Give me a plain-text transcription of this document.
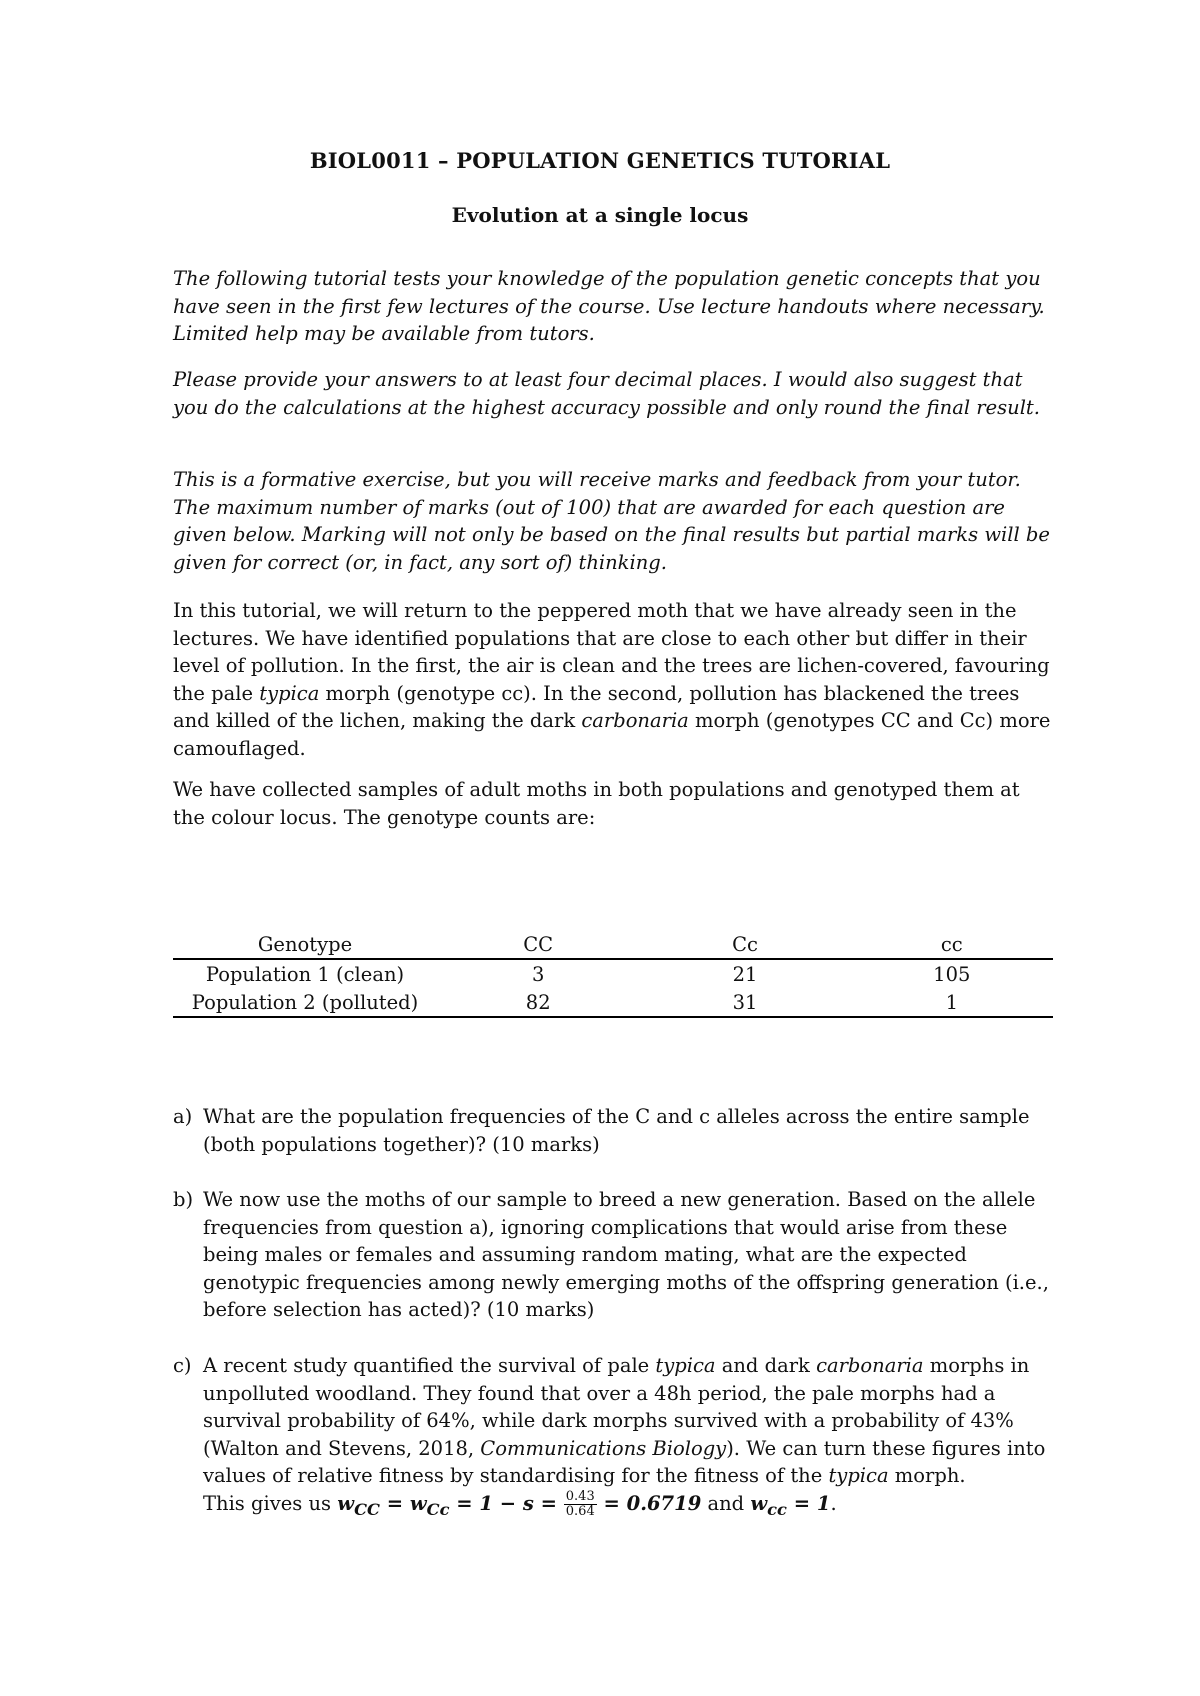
BIOL0011 – POPULATION GENETICS TUTORIAL
Evolution at a single locus

The following tutorial tests your knowledge of the population genetic concepts that you have seen in the first few lectures of the course. Use lecture handouts where necessary. Limited help may be available from tutors.

Please provide your answers to at least four decimal places. I would also suggest that you do the calculations at the highest accuracy possible and only round the final result.

This is a formative exercise, but you will receive marks and feedback from your tutor. The maximum number of marks (out of 100) that are awarded for each question are given below. Marking will not only be based on the final results but partial marks will be given for correct (or, in fact, any sort of) thinking.

In this tutorial, we will return to the peppered moth that we have already seen in the lectures. We have identified populations that are close to each other but differ in their level of pollution. In the first, the air is clean and the trees are lichen-covered, favouring the pale typica morph (genotype cc). In the second, pollution has blackened the trees and killed of the lichen, making the dark carbonaria morph (genotypes CC and Cc) more camouflaged.

We have collected samples of adult moths in both populations and genotyped them at the colour locus. The genotype counts are:

Genotype	CC	Cc	cc
Population 1 (clean)	3	21	105
Population 2 (polluted)	82	31	1
a) What are the population frequencies of the C and c alleles across the entire sample (both populations together)? (10 marks)
b) We now use the moths of our sample to breed a new generation. Based on the allele frequencies from question a), ignoring complications that would arise from these being males or females and assuming random mating, what are the expected genotypic frequencies among newly emerging moths of the offspring generation (i.e., before selection has acted)? (10 marks)
c) A recent study quantified the survival of pale typica and dark carbonaria morphs in unpolluted woodland. They found that over a 48h period, the pale morphs had a survival probability of 64%, while dark morphs survived with a probability of 43% (Walton and Stevens, 2018, Communications Biology). We can turn these figures into values of relative fitness by standardising for the fitness of the typica morph.
This gives us $w_{CC} = w_{Cc} = 1 - s = \frac{0.43}{0.64} = 0.6719$ and $w_{cc} = 1$.
